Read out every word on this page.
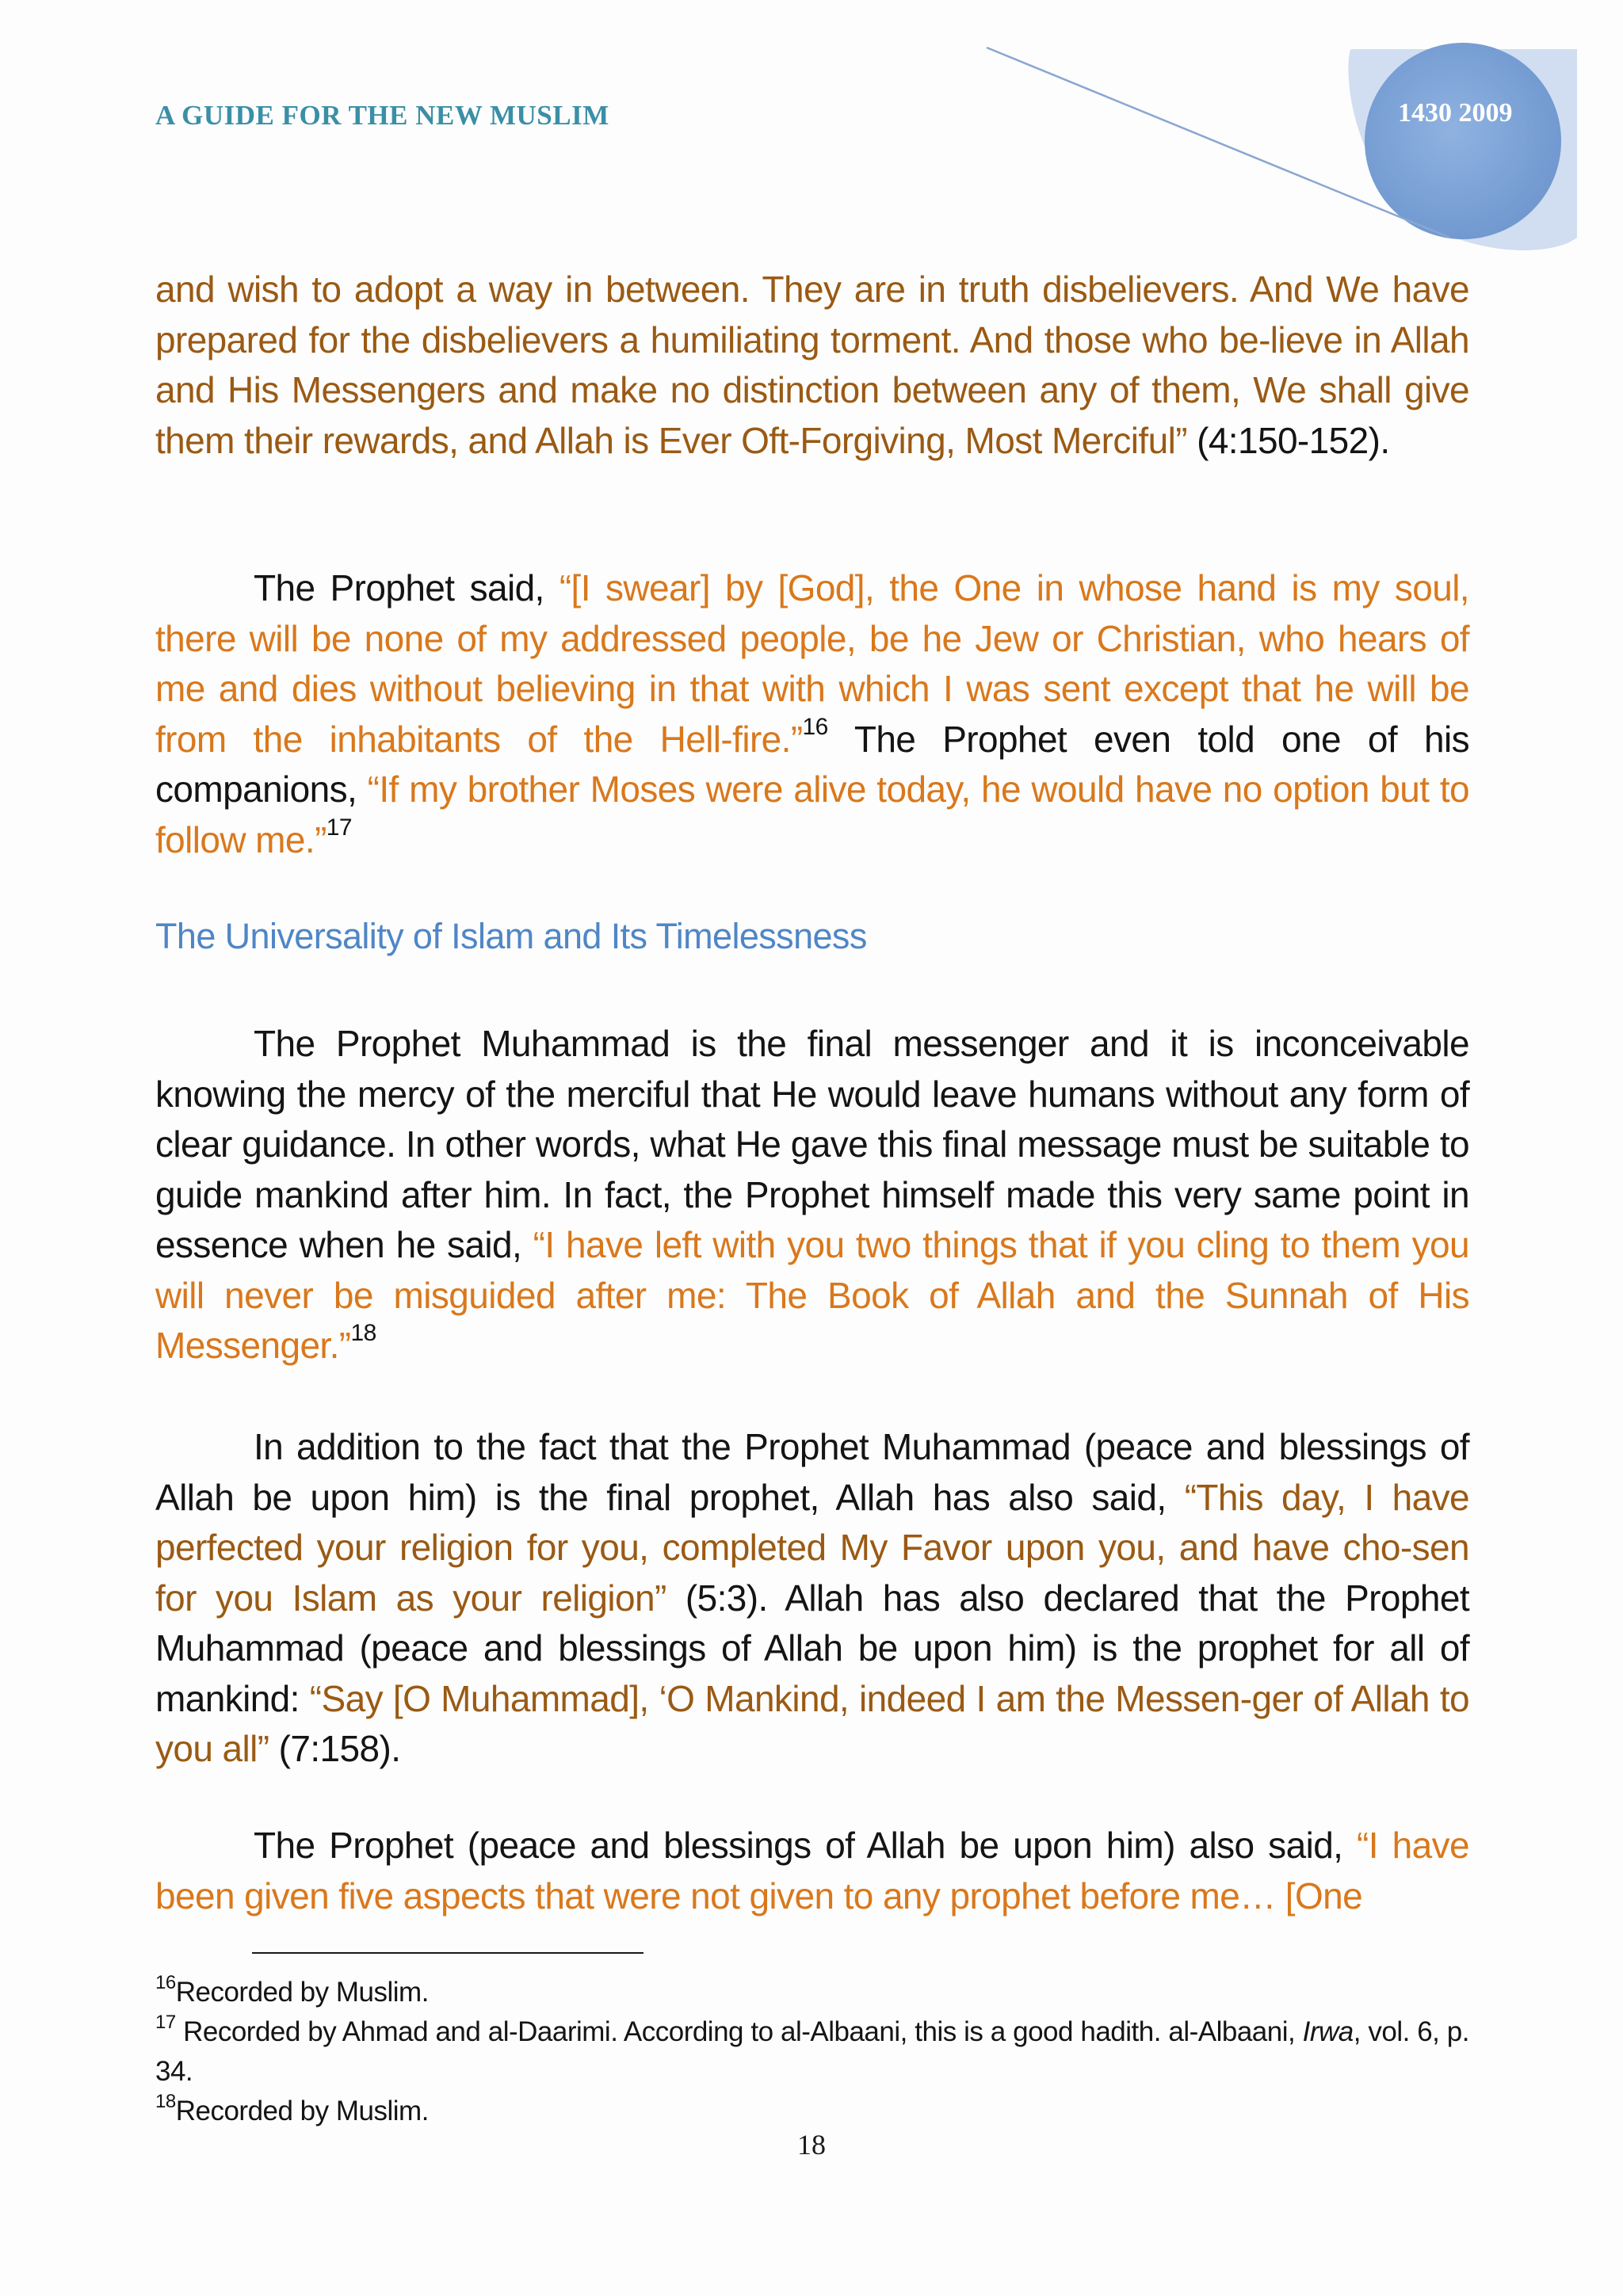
A GUIDE FOR THE NEW MUSLIM	1430 2009

and wish to adopt a way in between. They are in truth disbelievers. And We have prepared for the disbelievers a humiliating torment. And those who be-lieve in Allah and His Messengers and make no distinction between any of them, We shall give them their rewards, and Allah is Ever Oft-Forgiving, Most Merciful” (4:150-152).

The Prophet said, “[I swear] by [God], the One in whose hand is my soul, there will be none of my addressed people, be he Jew or Christian, who hears of me and dies without believing in that with which I was sent except that he will be from the inhabitants of the Hell-fire.”$^{16}$ The Prophet even told one of his companions, “If my brother Moses were alive today, he would have no option but to follow me.”$^{17}$

The Universality of Islam and Its Timelessness

The Prophet Muhammad is the final messenger and it is inconceivable knowing the mercy of the merciful that He would leave humans without any form of clear guidance. In other words, what He gave this final message must be suitable to guide mankind after him. In fact, the Prophet himself made this very same point in essence when he said, “I have left with you two things that if you cling to them you will never be misguided after me: The Book of Allah and the Sunnah of His Messenger.”$^{18}$

In addition to the fact that the Prophet Muhammad (peace and blessings of Allah be upon him) is the final prophet, Allah has also said, “This day, I have perfected your religion for you, completed My Favor upon you, and have cho-sen for you Islam as your religion” (5:3). Allah has also declared that the Prophet Muhammad (peace and blessings of Allah be upon him) is the prophet for all of mankind: “Say [O Muhammad], ‘O Mankind, indeed I am the Messen-ger of Allah to you all” (7:158).

The Prophet (peace and blessings of Allah be upon him) also said, “I have been given five aspects that were not given to any prophet before me… [One

$^{16}$Recorded by Muslim.

$^{17}$ Recorded by Ahmad and al-Daarimi. According to al-Albaani, this is a good hadith. al-Albaani, Irwa, vol. 6, p. 34.

$^{18}$Recorded by Muslim.

18
